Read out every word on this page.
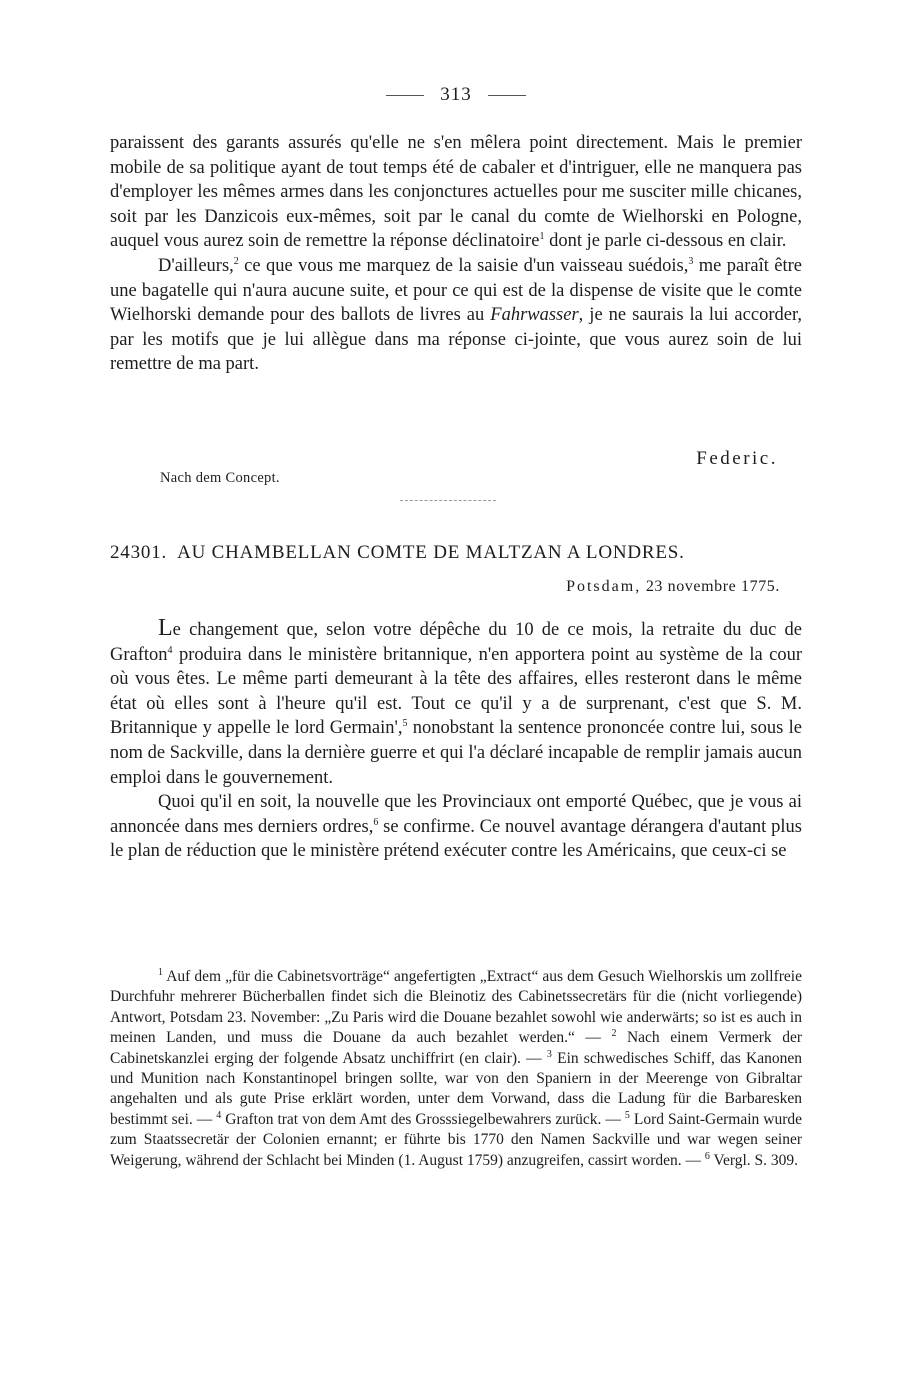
313

paraissent des garants assurés qu'elle ne s'en mêlera point directement. Mais le premier mobile de sa politique ayant de tout temps été de cabaler et d'intriguer, elle ne manquera pas d'employer les mêmes armes dans les conjonctures actuelles pour me susciter mille chicanes, soit par les Danzicois eux-mêmes, soit par le canal du comte de Wielhorski en Pologne, auquel vous aurez soin de remettre la réponse déclinatoire$^1$ dont je parle ci-dessous en clair.

D'ailleurs,$^2$ ce que vous me marquez de la saisie d'un vaisseau suédois,$^3$ me paraît être une bagatelle qui n'aura aucune suite, et pour ce qui est de la dispense de visite que le comte Wielhorski demande pour des ballots de livres au Fahrwasser, je ne saurais la lui accorder, par les motifs que je lui allègue dans ma réponse ci-jointe, que vous aurez soin de lui remettre de ma part.

Nach dem Concept.
Federic.
24301. AU CHAMBELLAN COMTE DE MALTZAN A LONDRES.
Potsdam, 23 novembre 1775.

Le changement que, selon votre dépêche du 10 de ce mois, la retraite du duc de Grafton$^4$ produira dans le ministère britannique, n'en apportera point au système de la cour où vous êtes. Le même parti demeurant à la tête des affaires, elles resteront dans le même état où elles sont à l'heure qu'il est. Tout ce qu'il y a de surprenant, c'est que S. M. Britannique y appelle le lord Germain',$^5$ nonobstant la sentence prononcée contre lui, sous le nom de Sackville, dans la dernière guerre et qui l'a déclaré incapable de remplir jamais aucun emploi dans le gouvernement.

Quoi qu'il en soit, la nouvelle que les Provinciaux ont emporté Québec, que je vous ai annoncée dans mes derniers ordres,$^6$ se confirme. Ce nouvel avantage dérangera d'autant plus le plan de réduction que le ministère prétend exécuter contre les Américains, que ceux-ci se

$^1$ Auf dem „für die Cabinetsvorträge“ angefertigten „Extract“ aus dem Gesuch Wielhorskis um zollfreie Durchfuhr mehrerer Bücherballen findet sich die Bleinotiz des Cabinetssecretärs für die (nicht vorliegende) Antwort, Potsdam 23. November: „Zu Paris wird die Douane bezahlet sowohl wie anderwärts; so ist es auch in meinen Landen, und muss die Douane da auch bezahlet werden.“ — $^2$ Nach einem Vermerk der Cabinetskanzlei erging der folgende Absatz unchiffrirt (en clair). — $^3$ Ein schwedisches Schiff, das Kanonen und Munition nach Konstantinopel bringen sollte, war von den Spaniern in der Meerenge von Gibraltar angehalten und als gute Prise erklärt worden, unter dem Vorwand, dass die Ladung für die Barbaresken bestimmt sei. — $^4$ Grafton trat von dem Amt des Grosssiegelbewahrers zurück. — $^5$ Lord Saint-Germain wurde zum Staatssecretär der Colonien ernannt; er führte bis 1770 den Namen Sackville und war wegen seiner Weigerung, während der Schlacht bei Minden (1. August 1759) anzugreifen, cassirt worden. — $^6$ Vergl. S. 309.
